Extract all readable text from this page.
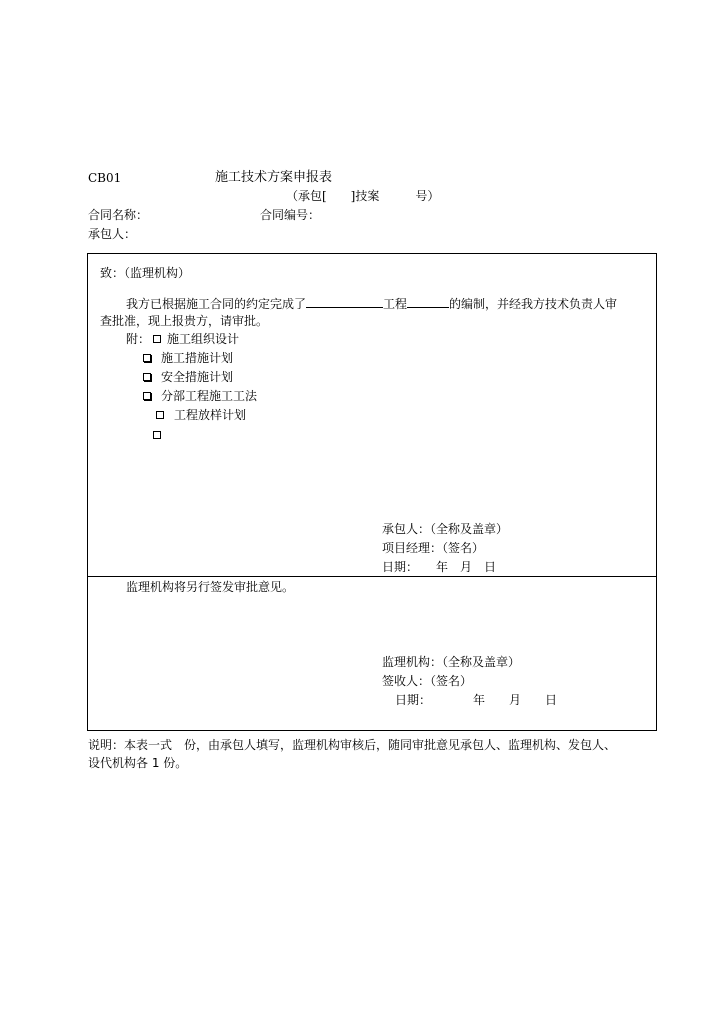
CB01	施工技术方案申报表
（承包[　　]技案　　　号）
合同名称：	合同编号：
承包人：
致：（监理机构）
我方已根据施工合同的约定完成了	工程	的编制，并经我方技术负责人审
查批准，现上报贵方，请审批。
附：	施工组织设计
施工措施计划
安全措施计划
分部工程施工工法
工程放样计划
承包人：（全称及盖章）
项目经理：（签名）
日期：　　年　月　日
监理机构将另行签发审批意见。
监理机构：（全称及盖章）
签收人：（签名）
日期：　　　　年　　月　　日
说明：本表一式　份，由承包人填写，监理机构审核后，随同审批意见承包人、监理机构、发包人、
设代机构各 1 份。
